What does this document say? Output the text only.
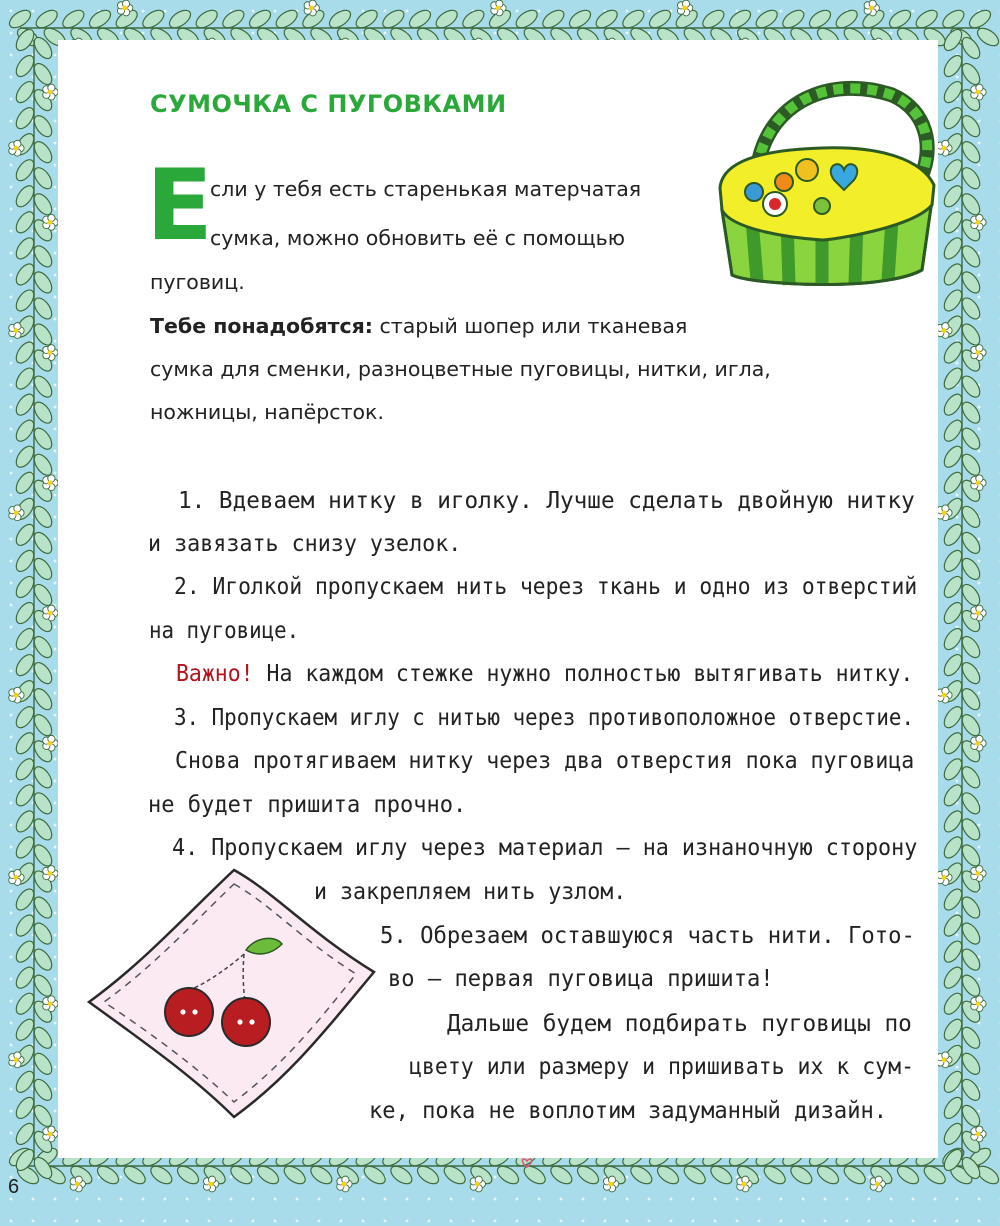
СУМОЧКА С ПУГОВКАМИ
Е

сли у тебя есть старенькая матерчатая

сумка, можно обновить её с помощью

пуговиц.

Тебе понадобятся: старый шопер или тканевая

сумка для сменки, разноцветные пуговицы, нитки, игла,

ножницы, напёрсток.

1. Вдеваем нитку в иголку. Лучше сделать двойную нитку

и завязать снизу узелок.

2. Иголкой пропускаем нить через ткань и одно из отверстий

на пуговице.

Важно! На каждом стежке нужно полностью вытягивать нитку.

3. Пропускаем иглу с нитью через противоположное отверстие.

Снова протягиваем нитку через два отверстия пока пуговица

не будет пришита прочно.

4. Пропускаем иглу через материал — на изнаночную сторону

и закрепляем нить узлом.

5. Обрезаем оставшуюся часть нити. Гото-

во — первая пуговица пришита!

Дальше будем подбирать пуговицы по

цвету или размеру и пришивать их к сум-

ке, пока не воплотим задуманный дизайн.

6
